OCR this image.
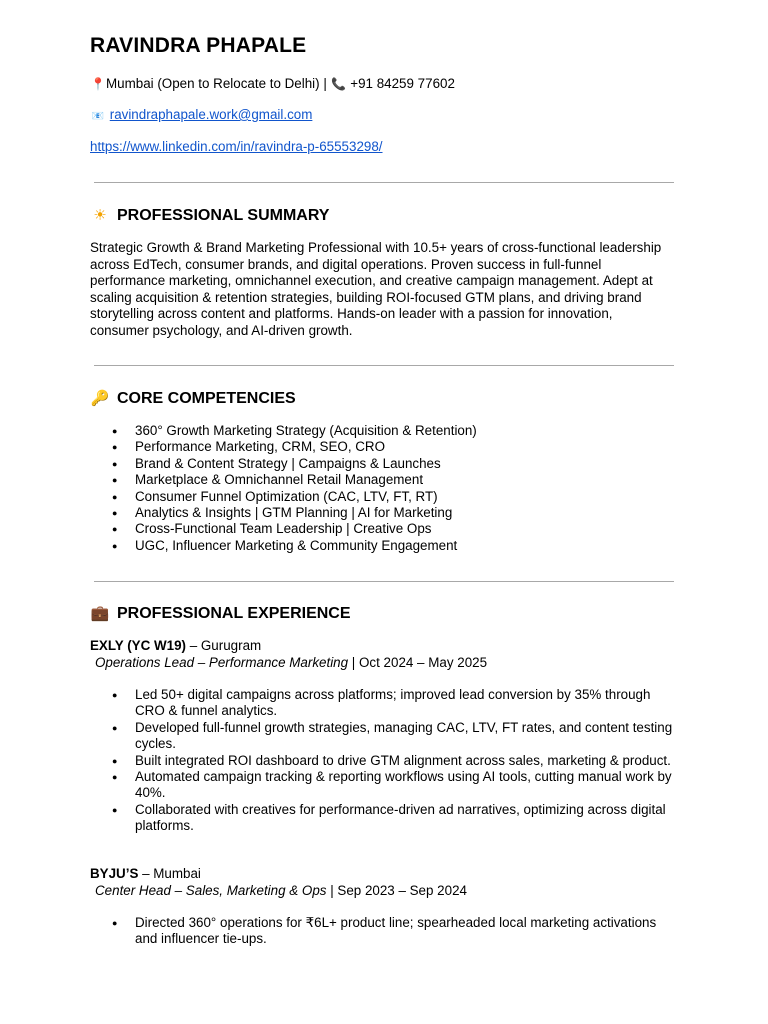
RAVINDRA PHAPALE
📍Mumbai (Open to Relocate to Delhi) | 📞 +91 84259 77602
📧 ravindraphapale.work@gmail.com
https://www.linkedin.com/in/ravindra-p-65553298/
☀ PROFESSIONAL SUMMARY

Strategic Growth & Brand Marketing Professional with 10.5+ years of cross-functional leadership across EdTech, consumer brands, and digital operations. Proven success in full-funnel performance marketing, omnichannel execution, and creative campaign management. Adept at scaling acquisition & retention strategies, building ROI-focused GTM plans, and driving brand storytelling across content and platforms. Hands-on leader with a passion for innovation, consumer psychology, and AI-driven growth.

🔑 CORE COMPETENCIES
● 360° Growth Marketing Strategy (Acquisition & Retention)
● Performance Marketing, CRM, SEO, CRO
● Brand & Content Strategy | Campaigns & Launches
● Marketplace & Omnichannel Retail Management
● Consumer Funnel Optimization (CAC, LTV, FT, RT)
● Analytics & Insights | GTM Planning | AI for Marketing
● Cross-Functional Team Leadership | Creative Ops
● UGC, Influencer Marketing & Community Engagement
💼 PROFESSIONAL EXPERIENCE
EXLY (YC W19) – Gurugram
Operations Lead – Performance Marketing | Oct 2024 – May 2025
● Led 50+ digital campaigns across platforms; improved lead conversion by 35% through CRO & funnel analytics.
● Developed full-funnel growth strategies, managing CAC, LTV, FT rates, and content testing cycles.
● Built integrated ROI dashboard to drive GTM alignment across sales, marketing & product.
● Automated campaign tracking & reporting workflows using AI tools, cutting manual work by 40%.
● Collaborated with creatives for performance-driven ad narratives, optimizing across digital platforms.
BYJU’S – Mumbai
Center Head – Sales, Marketing & Ops | Sep 2023 – Sep 2024
● Directed 360° operations for ₹6L+ product line; spearheaded local marketing activations and influencer tie-ups.
